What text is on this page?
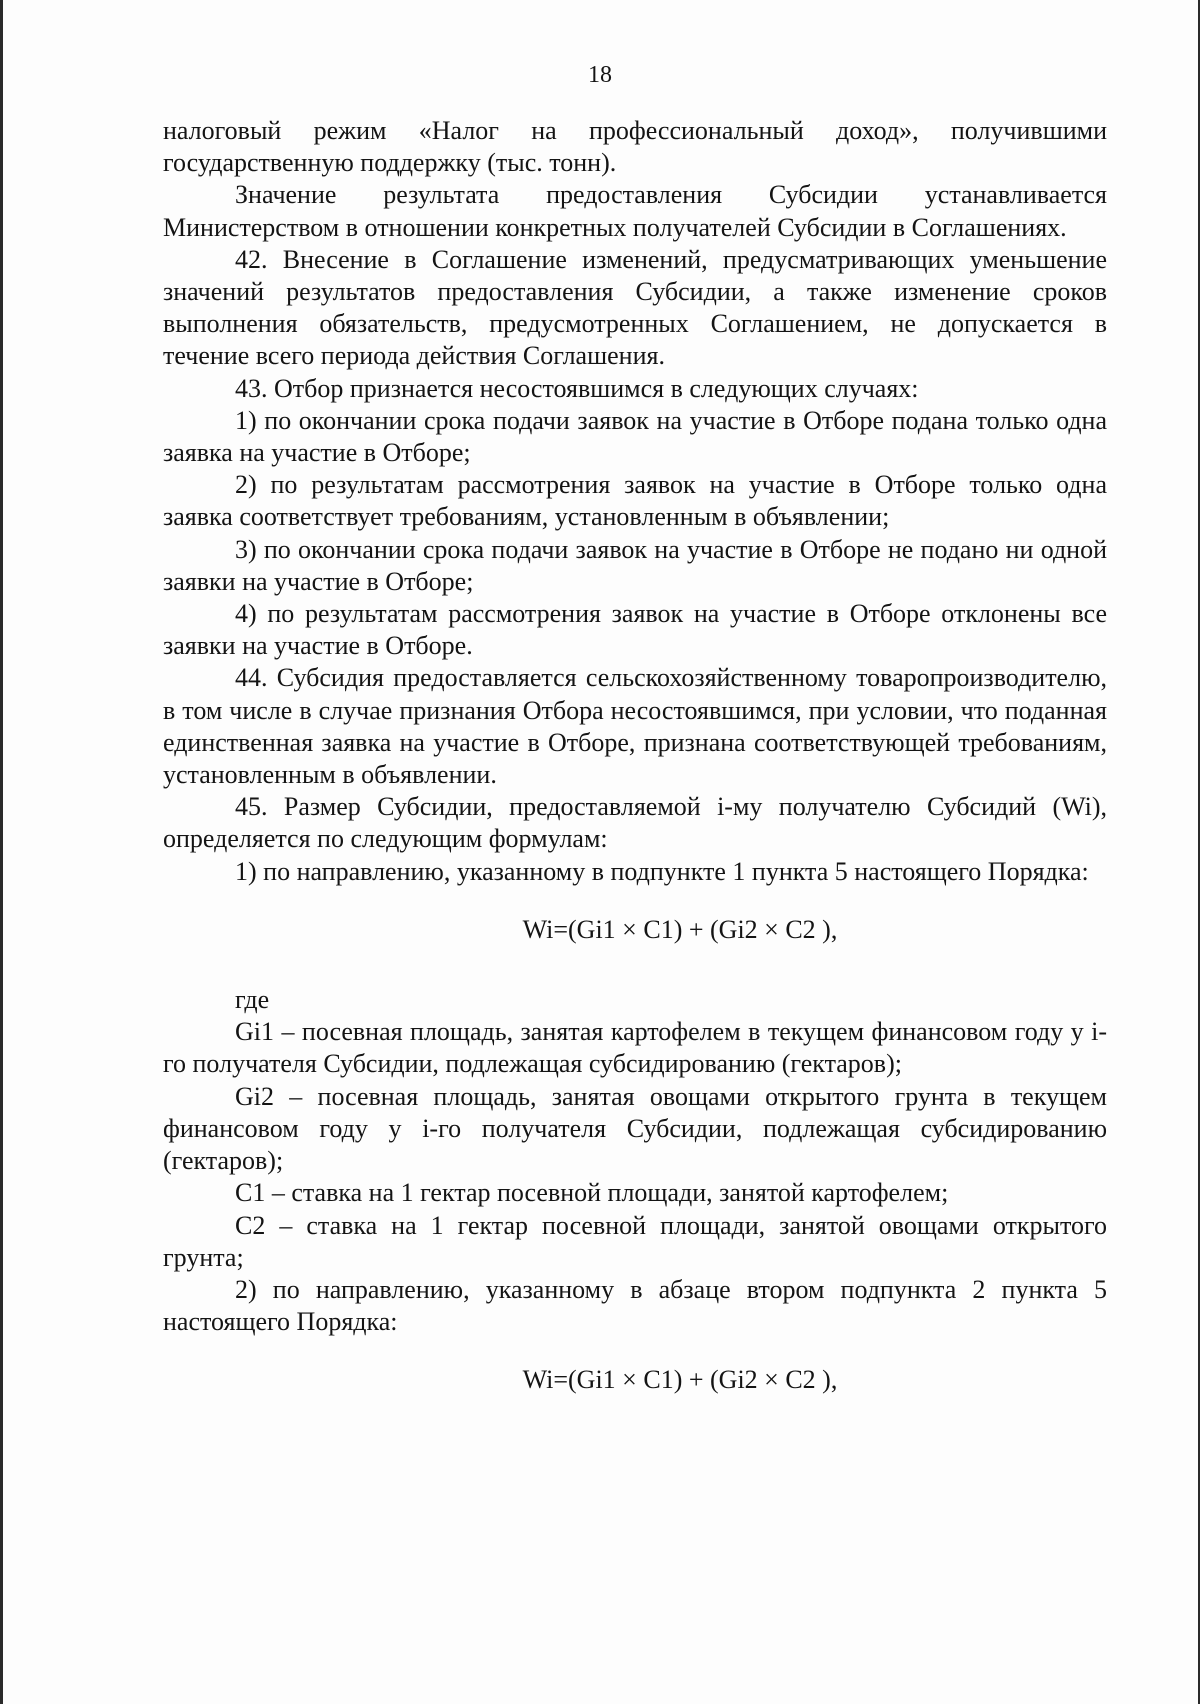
18

налоговый режим «Налог на профессиональный доход», получившими государственную поддержку (тыс. тонн).

Значение результата предоставления Субсидии устанавливается Министерством в отношении конкретных получателей Субсидии в Соглашениях.

42. Внесение в Соглашение изменений, предусматривающих уменьшение значений результатов предоставления Субсидии, а также изменение сроков выполнения обязательств, предусмотренных Соглашением, не допускается в течение всего периода действия Соглашения.

43. Отбор признается несостоявшимся в следующих случаях:

1) по окончании срока подачи заявок на участие в Отборе подана только одна заявка на участие в Отборе;

2) по результатам рассмотрения заявок на участие в Отборе только одна заявка соответствует требованиям, установленным в объявлении;

3) по окончании срока подачи заявок на участие в Отборе не подано ни одной заявки на участие в Отборе;

4) по результатам рассмотрения заявок на участие в Отборе отклонены все заявки на участие в Отборе.

44. Субсидия предоставляется сельскохозяйственному товаропроизводителю, в том числе в случае признания Отбора несостоявшимся, при условии, что поданная единственная заявка на участие в Отборе, признана соответствующей требованиям, установленным в объявлении.

45. Размер Субсидии, предоставляемой i-му получателю Субсидий (Wi), определяется по следующим формулам:

1) по направлению, указанному в подпункте 1 пункта 5 настоящего Порядка:

Wi=(Gi1 × C1) + (Gi2 × C2 ),

где

Gi1 – посевная площадь, занятая картофелем в текущем финансовом году у i-го получателя Субсидии, подлежащая субсидированию (гектаров);

Gi2 – посевная площадь, занятая овощами открытого грунта в текущем финансовом году у i-го получателя Субсидии, подлежащая субсидированию (гектаров);

C1 – ставка на 1 гектар посевной площади, занятой картофелем;

C2 – ставка на 1 гектар посевной площади, занятой овощами открытого грунта;

2) по направлению, указанному в абзаце втором подпункта 2 пункта 5 настоящего Порядка:

Wi=(Gi1 × C1) + (Gi2 × C2 ),
